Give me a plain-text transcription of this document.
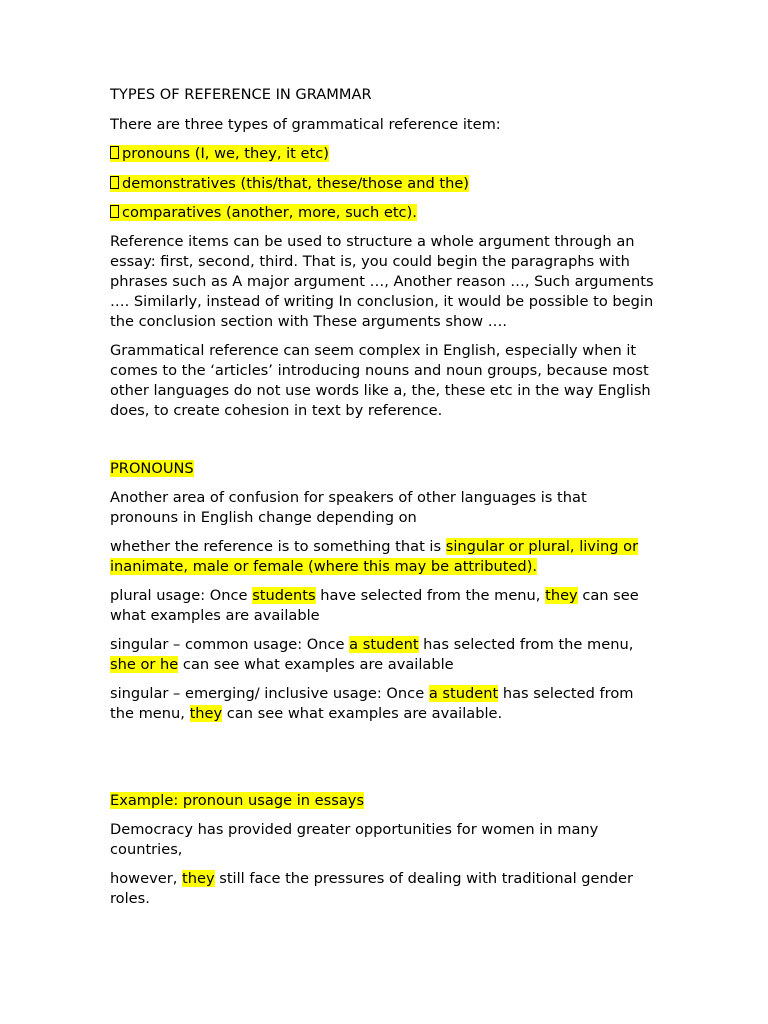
TYPES OF REFERENCE IN GRAMMAR

There are three types of grammatical reference item:

pronouns (I, we, they, it etc)

demonstratives (this/that, these/those and the)

comparatives (another, more, such etc).

Reference items can be used to structure a whole argument through an essay: first, second, third. That is, you could begin the paragraphs with phrases such as A major argument …, Another reason …, Such arguments …. Similarly, instead of writing In conclusion, it would be possible to begin the conclusion section with These arguments show ….

Grammatical reference can seem complex in English, especially when it comes to the ‘articles’ introducing nouns and noun groups, because most other languages do not use words like a, the, these etc in the way English does, to create cohesion in text by reference.

PRONOUNS

Another area of confusion for speakers of other languages is that pronouns in English change depending on

whether the reference is to something that is singular or plural, living or inanimate, male or female (where this may be attributed).

plural usage: Once students have selected from the menu, they can see what examples are available

singular – common usage: Once a student has selected from the menu, she or he can see what examples are available

singular – emerging/ inclusive usage: Once a student has selected from the menu, they can see what examples are available.

Example: pronoun usage in essays

Democracy has provided greater opportunities for women in many countries,

however, they still face the pressures of dealing with traditional gender roles.
